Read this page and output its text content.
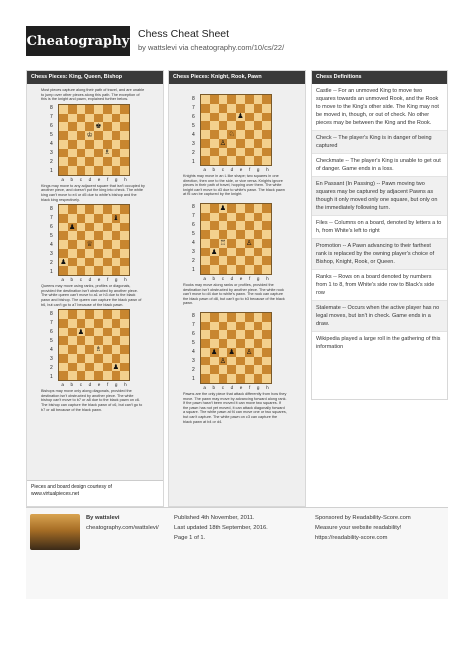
Cheatography Chess Cheat Sheet
by wattslevi via cheatography.com/10/cs/22/
Chess Pieces: King, Queen, Bishop
Most pieces capture along their path of travel, and are unable to jump over other pieces along this path. The exception of this is the knight and pawn, explained further below.
♚
♔
♗
8
7
6
5
4
3
2
1
a b c d e f g h
Kings may move to any adjacent square that isn't occupied by another piece, and doesn't put the king into check. The white king can't move to e4 or d5 due to white's bishop and the black king respectively.
♝
♟
♕
♟
8
7
6
5
4
3
2
1
a b c d e f g h
Queens may move using ranks, profiles or diagonals, provided the destination isn't obstructed by another piece. The white queen can't move to a1 or h3 due to the black pawn and bishop. The queen can capture the black pawn of b6, but can't go to a7 because of the black pawn.
♟
♗
♟
8
7
6
5
4
3
2
1
a b c d e f g h
Bishops may move only along diagonals, provided the destination isn't obstructed by another piece. The white bishop can't move to b7 or a8 due to the black pawn on c6. The bishop can capture the black pawn of c6, but can't go to b7 or a8 because of the black pawn.
Pieces and board design courtesy of www.virtualpieces.net
Chess Pieces: Knight, Rook, Pawn
♟
♘
♙
8
7
6
5
4
3
2
1
a b c d e f g h
Knights may move in an L like shape; two squares in one direction, then one to the side, or vice versa. Knights ignore pieces in their path of travel, hopping over them. The white knight can't move to d3 due to white's pawn. The black pawn at f5 can be captured by the knight.
♟
♖	♙
♟
8
7
6
5
4
3
2
1
a b c d e f g h
Rooks may move along ranks or profiles, provided the destination isn't obstructed by another piece. The white rook can't move to d4 due to white's pawn. The rook can capture the black pawn of d8, but can't go to b3 because of the black pawn.
♟ ♟ ♙
♙
8
7
6
5
4
3
2
1
a b c d e f g h
Pawns are the only piece that attack differently from how they move. The pawn may move by advancing forward along rank. If the pawn hasn't been moved it can move two squares. If the pawn has not yet moved, it can attack diagonally forward a square. The white pawn at f4 can move one or two squares, but can't capture. The white pawn on c3 can capture the black pawn at b4 or d4.
Chess Definitions
Castle -- For an unmoved King to move two squares towards an unmoved Rook, and the Rook to move to the King's other side. The King may not be moved in, though, or out of check. No other pieces may be between the King and the Rook.
Check -- The player's King is in danger of being captured
Checkmate -- The player's King is unable to get out of danger. Game ends in a loss.
En Passant (In Passing) -- Pawn moving two squares may be captured by adjacent Pawns as though it only moved only one square, but only on the immediately following turn.
Files -- Columns on a board, denoted by letters a to h, from White's left to right
Promotion -- A Pawn advancing to their farthest rank is replaced by the owning player's choice of Bishop, Knight, Rook, or Queen.
Ranks -- Rows on a board denoted by numbers from 1 to 8, from White's side row to Black's side row
Stalemate -- Occurs when the active player has no legal moves, but isn't in check. Game ends in a draw.
Wikipedia played a large roll in the gathering of this information
By wattslevi
cheatography.com/wattslevi/
Published 4th November, 2011.
Last updated 18th September, 2016.
Page 1 of 1.
Sponsored by Readability-Score.com
Measure your website readability!
https://readability-score.com
